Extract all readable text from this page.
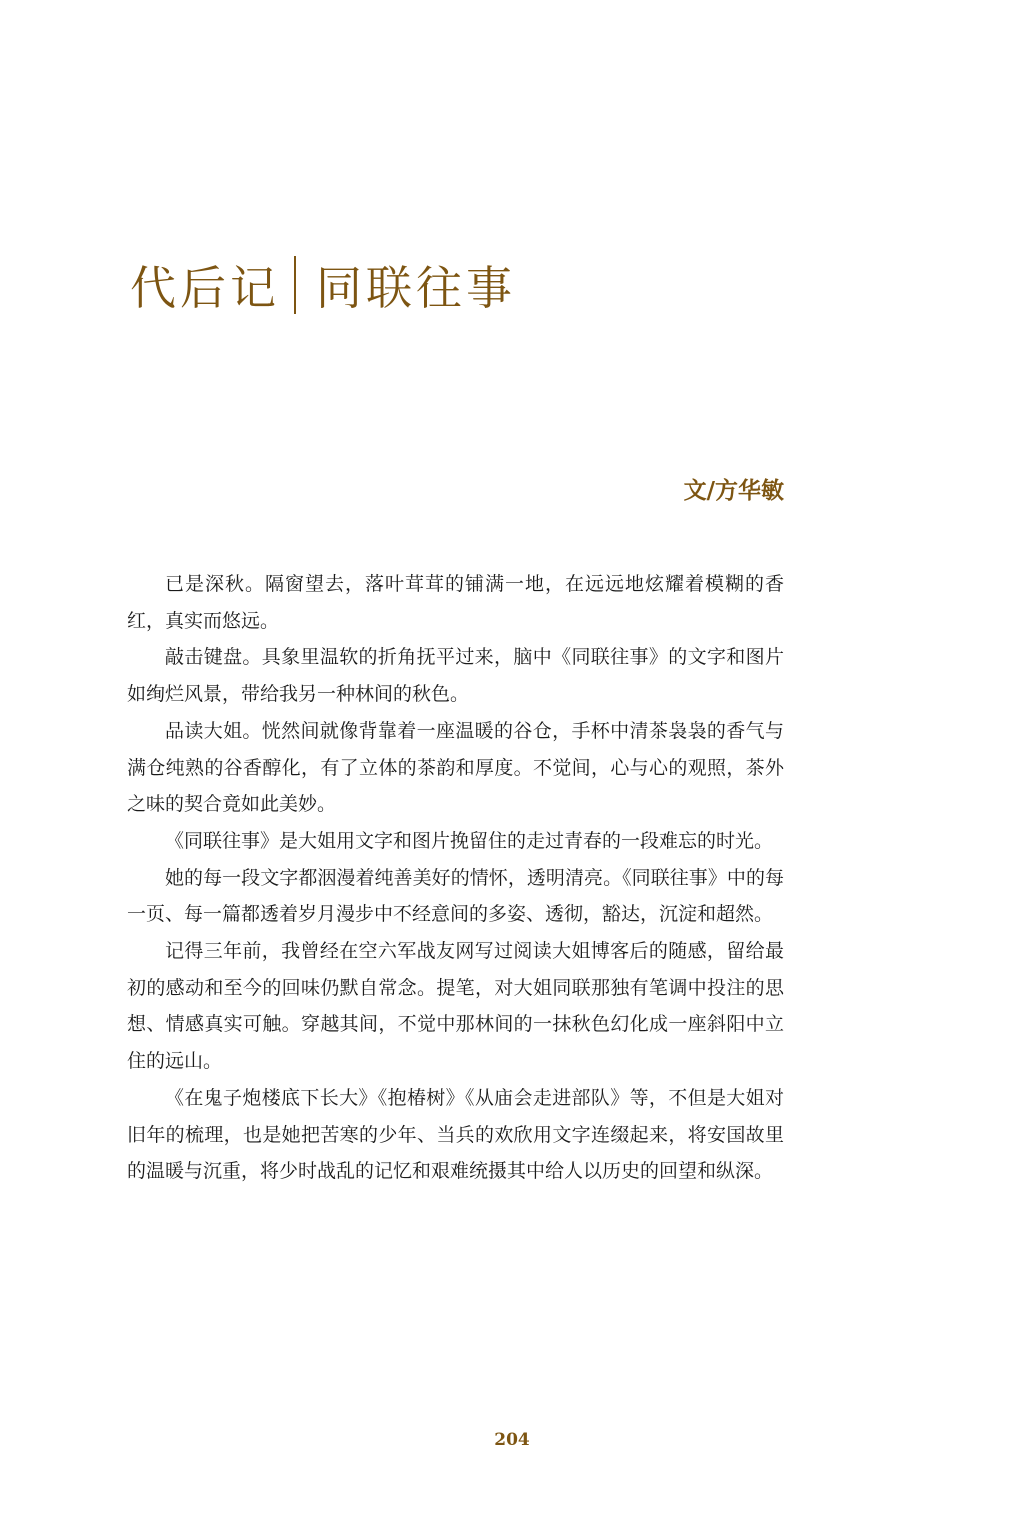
代后记 同联往事
文/方华敏

已是深秋。隔窗望去，落叶茸茸的铺满一地，在远远地炫耀着模糊的香红，真实而悠远。

敲击键盘。具象里温软的折角抚平过来，脑中《同联往事》的文字和图片如绚烂风景，带给我另一种林间的秋色。

品读大姐。恍然间就像背靠着一座温暖的谷仓，手杯中清茶袅袅的香气与满仓纯熟的谷香醇化，有了立体的茶韵和厚度。不觉间，心与心的观照，茶外之味的契合竟如此美妙。

《同联往事》是大姐用文字和图片挽留住的走过青春的一段难忘的时光。

她的每一段文字都洇漫着纯善美好的情怀，透明清亮。《同联往事》中的每一页、每一篇都透着岁月漫步中不经意间的多姿、透彻，豁达，沉淀和超然。

记得三年前，我曾经在空六军战友网写过阅读大姐博客后的随感，留给最初的感动和至今的回味仍默自常念。提笔，对大姐同联那独有笔调中投注的思想、情感真实可触。穿越其间，不觉中那林间的一抹秋色幻化成一座斜阳中立住的远山。

《在鬼子炮楼底下长大》《抱椿树》《从庙会走进部队》等，不但是大姐对旧年的梳理，也是她把苦寒的少年、当兵的欢欣用文字连缀起来，将安国故里的温暖与沉重，将少时战乱的记忆和艰难统摄其中给人以历史的回望和纵深。

204
